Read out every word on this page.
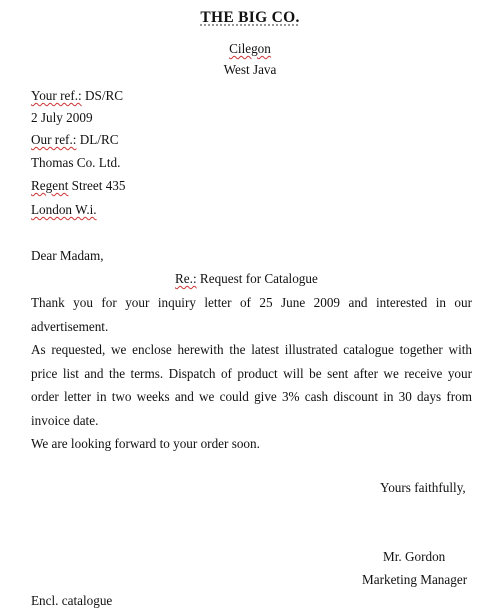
THE BIG CO.
Cilegon
West Java
Your ref.: DS/RC
2 July 2009
Our ref.: DL/RC
Thomas Co. Ltd.
Regent Street 435
London W.i.
Dear Madam,
Re.: Request for Catalogue
Thank you for your inquiry letter of 25 June 2009 and interested in our advertisement.
As requested, we enclose herewith the latest illustrated catalogue together with price list and the terms. Dispatch of product will be sent after we receive your order letter in two weeks and we could give 3% cash discount in 30 days from invoice date.
We are looking forward to your order soon.
Yours faithfully,
Mr. Gordon
Marketing Manager
Encl. catalogue
